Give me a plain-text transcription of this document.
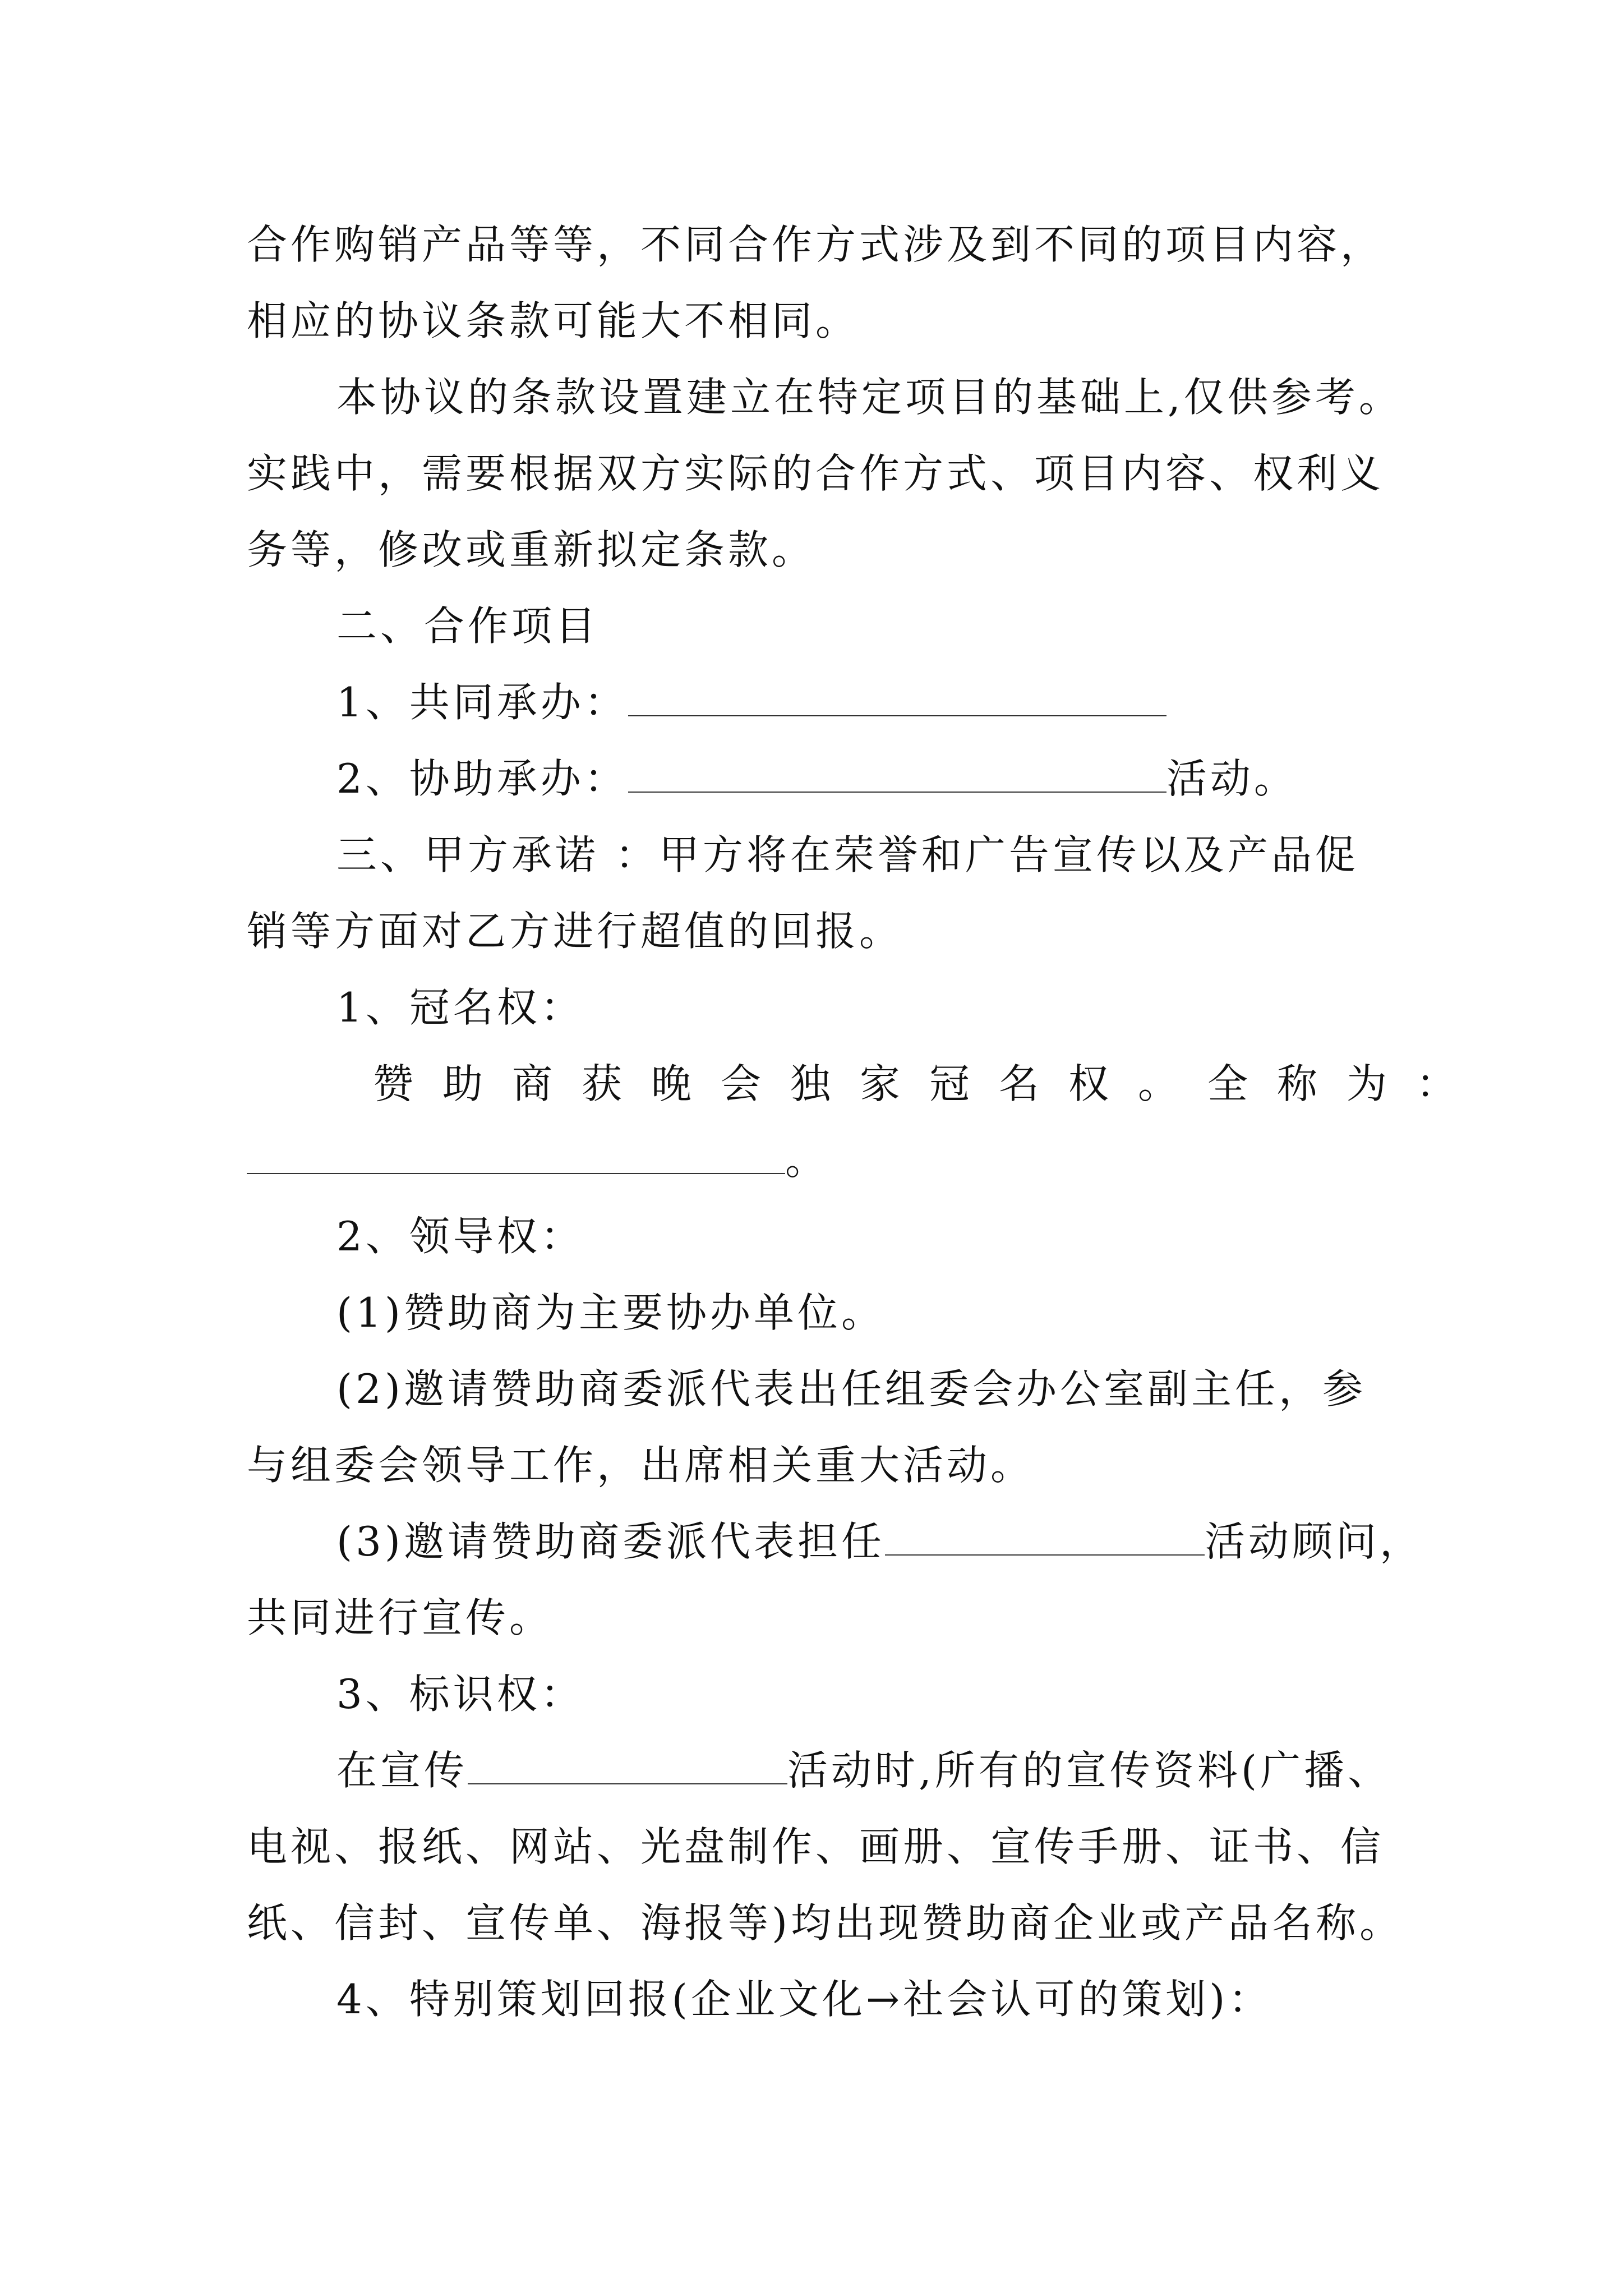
合作购销产品等等，不同合作方式涉及到不同的项目内容，
相应的协议条款可能大不相同。
本协议的条款设置建立在特定项目的基础上,仅供参考。
实践中，需要根据双方实际的合作方式、项目内容、权利义
务等，修改或重新拟定条款。
二、合作项目
1、共同承办：
2、协助承办：	活动。
三、甲方承诺 ：甲方将在荣誉和广告宣传以及产品促
销等方面对乙方进行超值的回报。
1、冠名权：
赞助商获晚会独家冠名权。全称为：
。
2、领导权：
(1)赞助商为主要协办单位。
(2)邀请赞助商委派代表出任组委会办公室副主任，参
与组委会领导工作，出席相关重大活动。
(3)邀请赞助商委派代表担任	活动顾问，
共同进行宣传。
3、标识权：
在宣传	活动时,所有的宣传资料(广播、
电视、报纸、网站、光盘制作、画册、宣传手册、证书、信
纸、信封、宣传单、海报等)均出现赞助商企业或产品名称。
4、特别策划回报(企业文化→社会认可的策划)：
